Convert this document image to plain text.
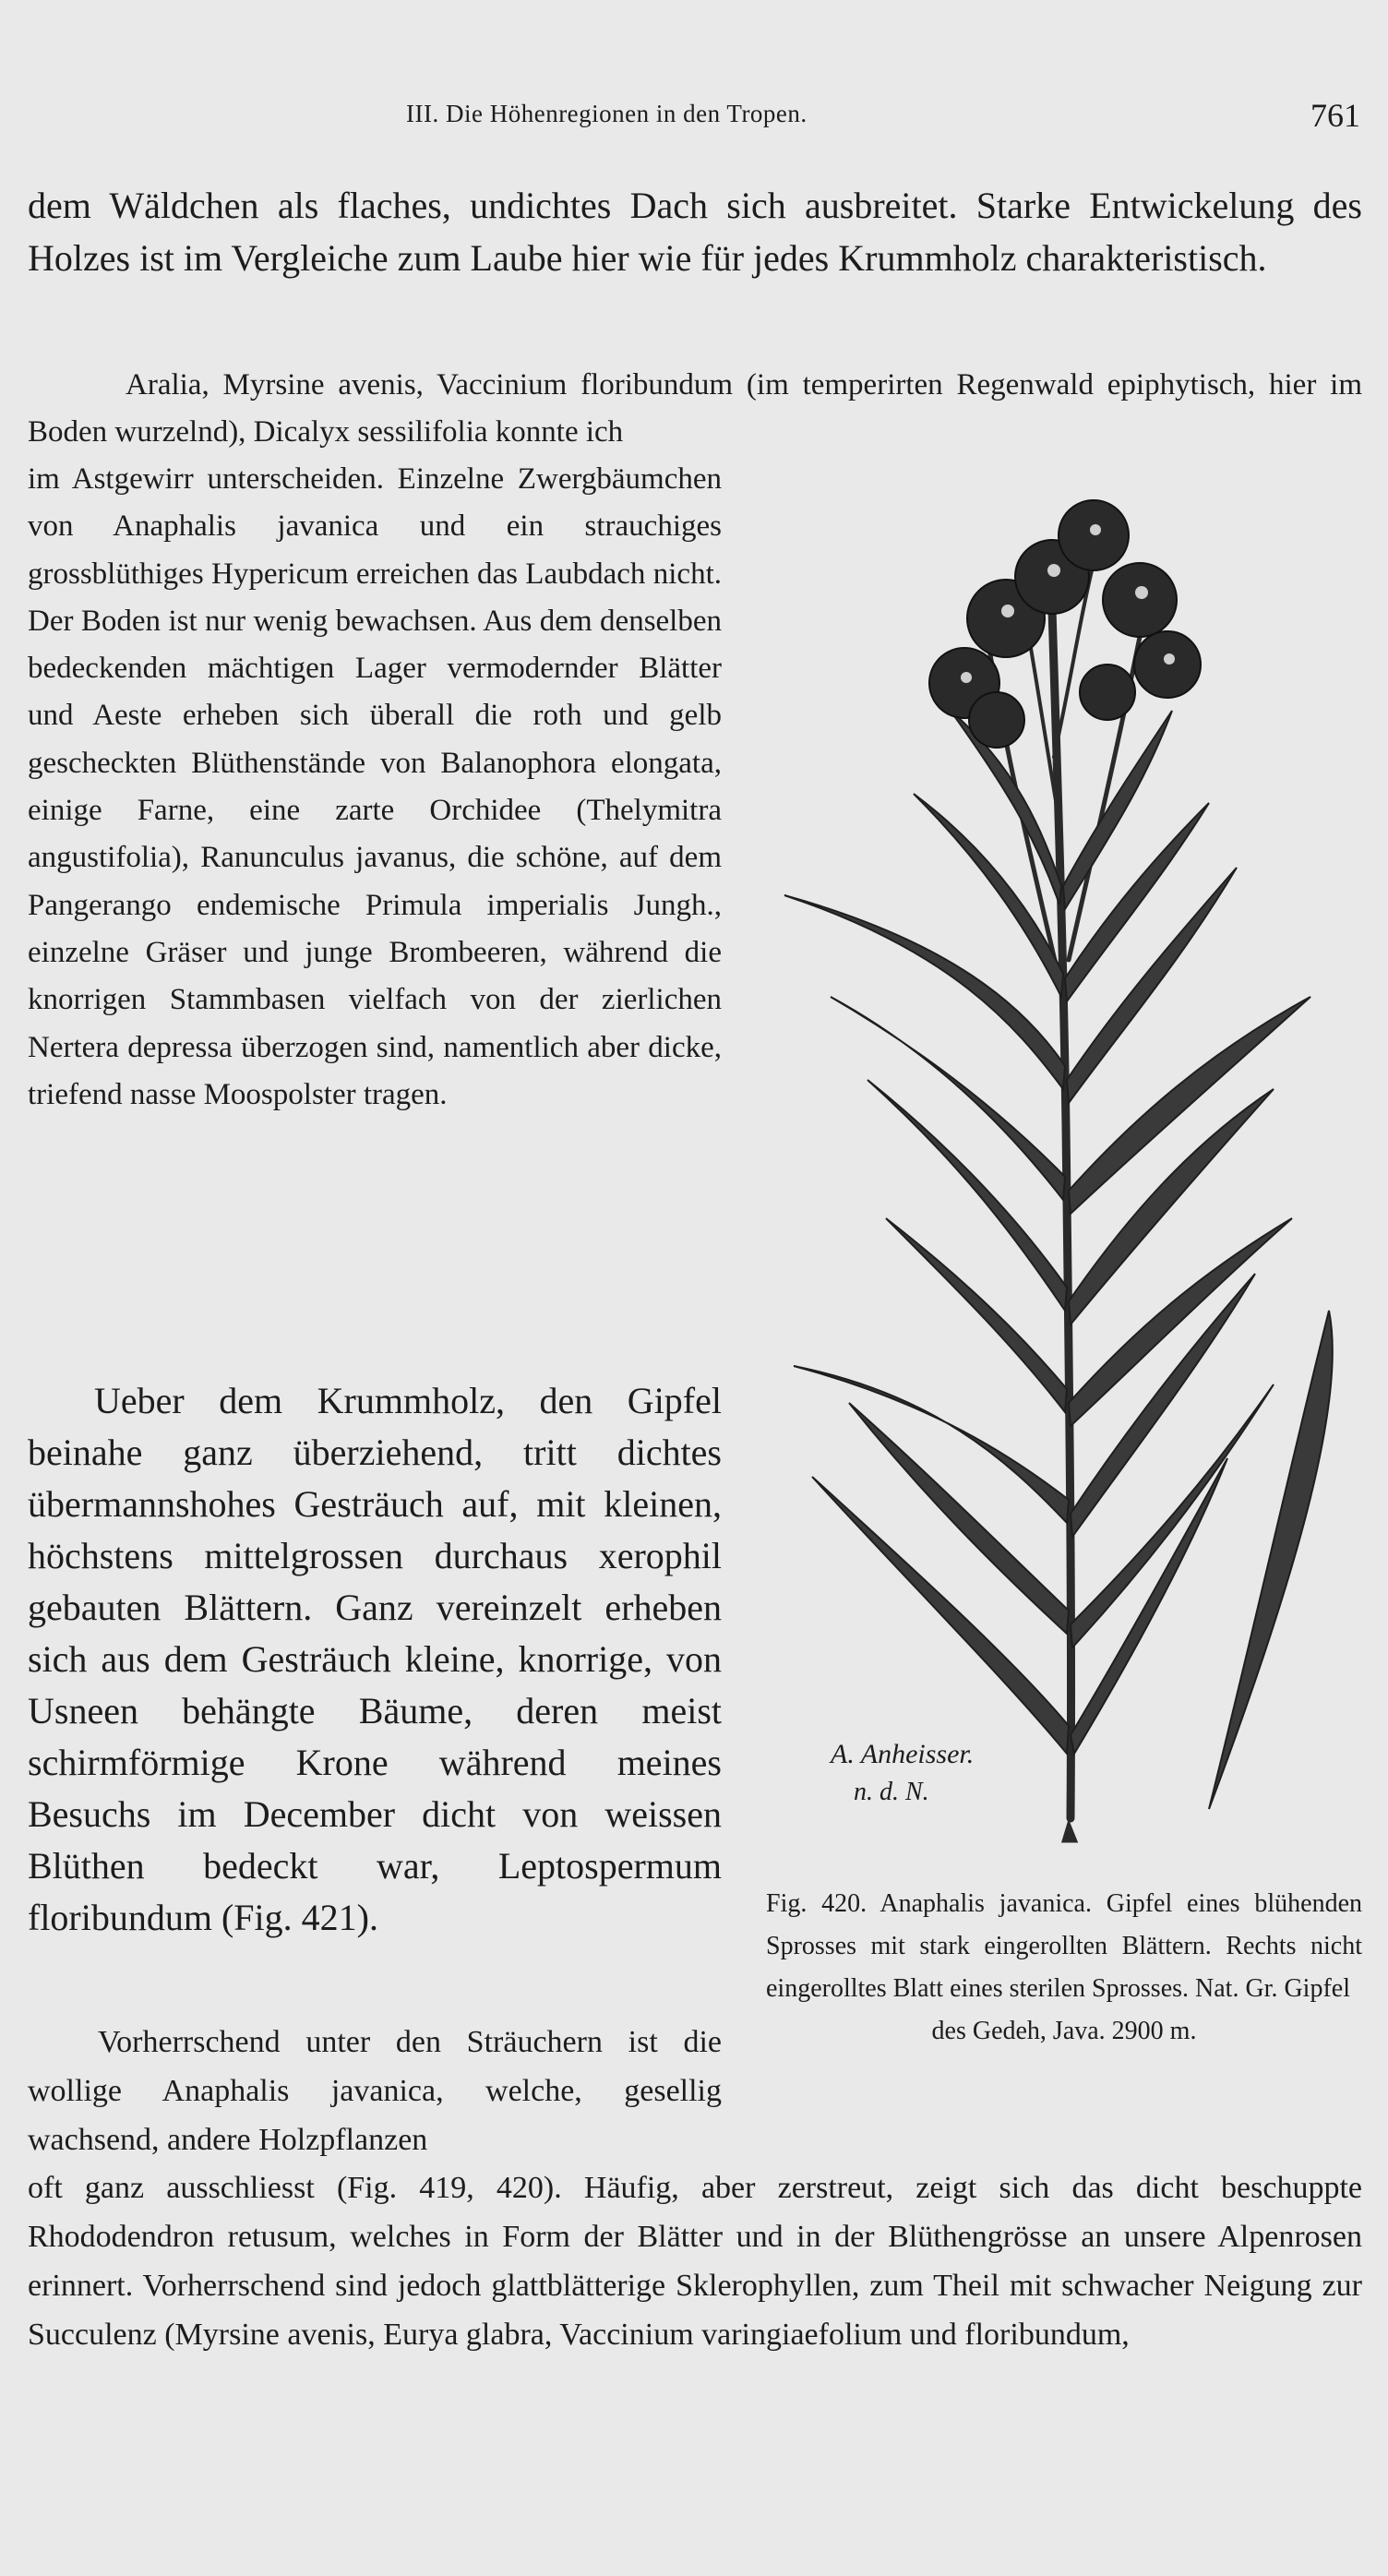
III. Die Höhenregionen in den Tropen.	761

dem Wäldchen als flaches, undichtes Dach sich ausbreitet. Starke Entwickelung des Holzes ist im Vergleiche zum Laube hier wie für jedes Krummholz charakteristisch.

Aralia, Myrsine avenis, Vaccinium floribundum (im temperirten Regenwald epiphytisch, hier im Boden wurzelnd), Dicalyx sessilifolia konnte ich

im Astgewirr unterscheiden. Einzelne Zwergbäumchen von Anaphalis javanica und ein strauchiges grossblüthiges Hypericum erreichen das Laubdach nicht. Der Boden ist nur wenig bewachsen. Aus dem denselben bedeckenden mächtigen Lager vermodernder Blätter und Aeste erheben sich überall die roth und gelb gescheckten Blüthenstände von Balanophora elongata, einige Farne, eine zarte Orchidee (Thelymitra angustifolia), Ranunculus javanus, die schöne, auf dem Pangerango endemische Primula imperialis Jungh., einzelne Gräser und junge Brombeeren, während die knorrigen Stammbasen vielfach von der zierlichen Nertera depressa überzogen sind, namentlich aber dicke, triefend nasse Moospolster tragen.

Ueber dem Krummholz, den Gipfel beinahe ganz überziehend, tritt dichtes übermannshohes Gesträuch auf, mit kleinen, höchstens mittelgrossen durchaus xerophil gebauten Blättern. Ganz vereinzelt erheben sich aus dem Gesträuch kleine, knorrige, von Usneen behängte Bäume, deren meist schirmförmige Krone während meines Besuchs im December dicht von weissen Blüthen bedeckt war, Leptospermum floribundum (Fig. 421).

Vorherrschend unter den Sträuchern ist die wollige Anaphalis javanica, welche, gesellig wachsend, andere Holzpflanzen

oft ganz ausschliesst (Fig. 419, 420). Häufig, aber zerstreut, zeigt sich das dicht beschuppte Rhododendron retusum, welches in Form der Blätter und in der Blüthengrösse an unsere Alpenrosen erinnert. Vorherrschend sind jedoch glattblätterige Sklerophyllen, zum Theil mit schwacher Neigung zur Succulenz (Myrsine avenis, Eurya glabra, Vaccinium varingiaefolium und floribundum,

A. Anheisser.
n. d. N.

Fig. 420. Anaphalis javanica. Gipfel eines blühenden Sprosses mit stark eingerollten Blättern. Rechts nicht eingerolltes Blatt eines sterilen Sprosses. Nat. Gr. Gipfel
des Gedeh, Java. 2900 m.
